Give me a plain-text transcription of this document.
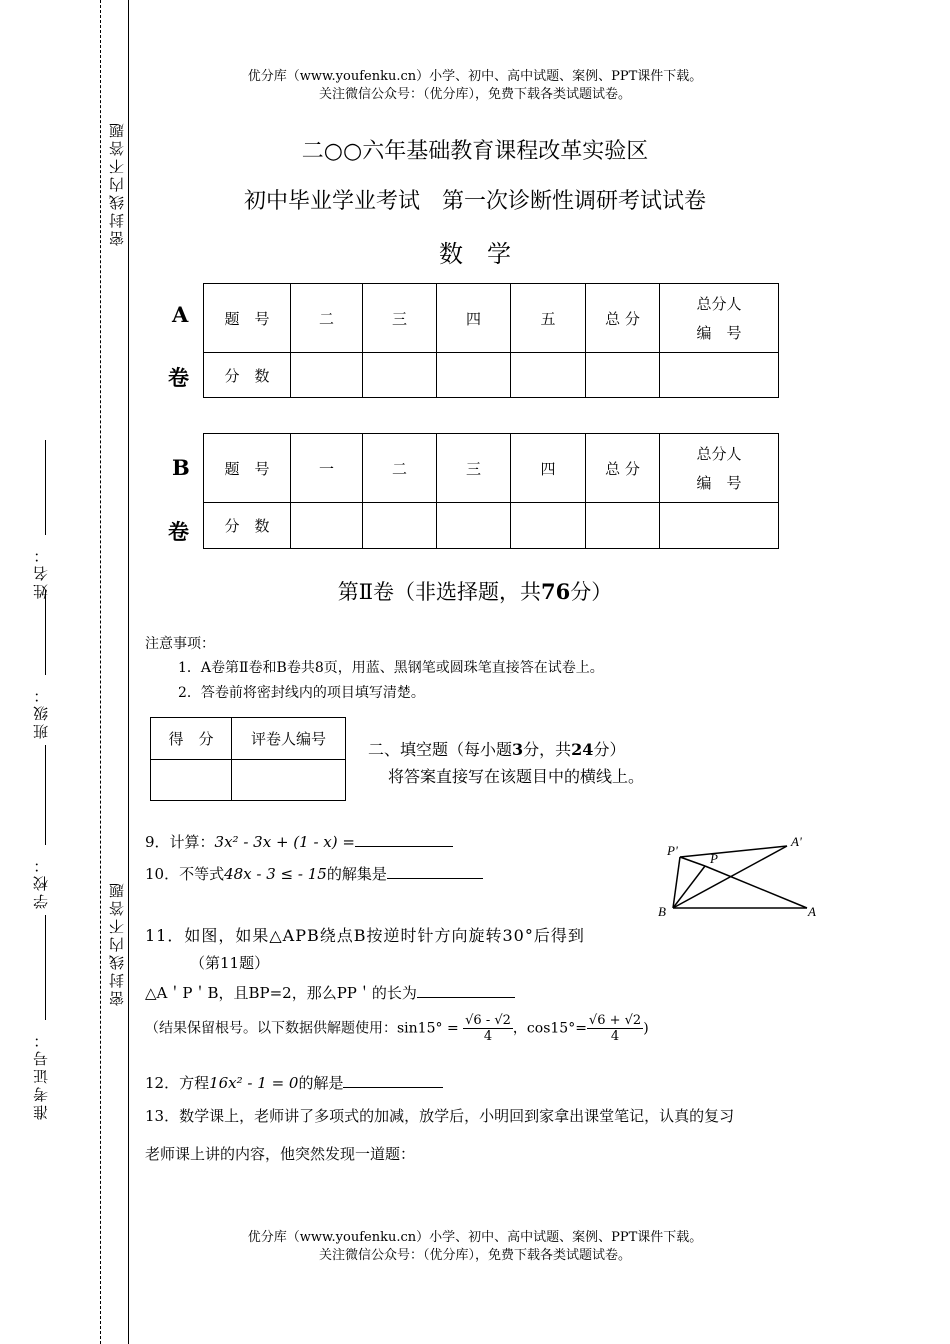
密封线内不答题
密封线内不答题
姓名：
班级：
学校：
准考证号：
优分库（www.youfenku.cn）小学、初中、高中试题、案例、PPT课件下载。
关注微信公众号：（优分库），免费下载各类试题试卷。
二○○六年基础教育课程改革实验区
初中毕业学业考试　第一次诊断性调研考试试卷
数　学
A
卷
题　号	二	三	四	五	总 分	总分人
编　号

分　数						
B
卷
题　号	一	二	三	四	总 分	总分人
编　号

分　数						
第Ⅱ卷（非选择题，共76分）
注意事项：
1．A卷第Ⅱ卷和B卷共8页，用蓝、黑钢笔或圆珠笔直接答在试卷上。
2．答卷前将密封线内的项目填写清楚。
得　分	评卷人编号

二、填空题（每小题3分，共24分）
将答案直接写在该题目中的横线上。
9．计算：3x² - 3x + (1 - x) =
10．不等式48x - 3 ≤ - 15的解集是
P'
P
A'
B	A
11．如图，如果△APB绕点B按逆时针方向旋转30°后得到
（第11题）
△A＇P＇B，且BP=2，那么PP＇的长为
（结果保留根号。以下数据供解题使用：$\sin 15^\circ = \frac{√6 - √2}{4}$ ，$\cos 15^\circ= \frac{√6 + √2}{4}$ )
12．方程16x² - 1 = 0的解是
13．数学课上，老师讲了多项式的加减，放学后，小明回到家拿出课堂笔记，认真的复习
老师课上讲的内容，他突然发现一道题：
优分库（www.youfenku.cn）小学、初中、高中试题、案例、PPT课件下载。
关注微信公众号：（优分库），免费下载各类试题试卷。
